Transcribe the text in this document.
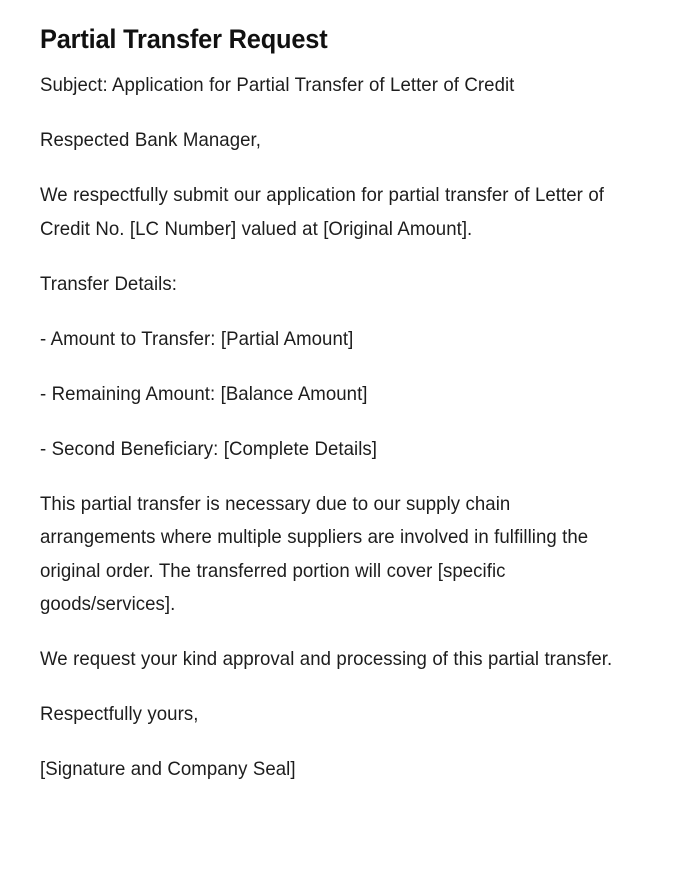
Partial Transfer Request

Subject: Application for Partial Transfer of Letter of Credit

Respected Bank Manager,

We respectfully submit our application for partial transfer of Letter of Credit No. [LC Number] valued at [Original Amount].

Transfer Details:

- Amount to Transfer: [Partial Amount]

- Remaining Amount: [Balance Amount]

- Second Beneficiary: [Complete Details]

This partial transfer is necessary due to our supply chain arrangements where multiple suppliers are involved in fulfilling the original order. The transferred portion will cover [specific goods/services].

We request your kind approval and processing of this partial transfer.

Respectfully yours,

[Signature and Company Seal]
